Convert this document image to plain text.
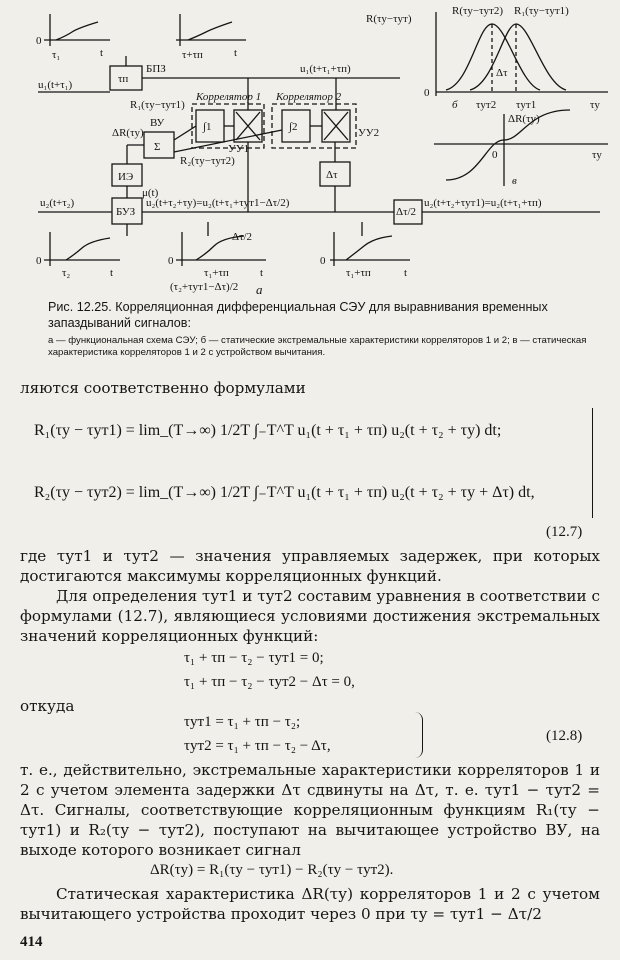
0
τ₁	t	τ+τп	t
τп
БПЗ
u₁(t+τ₁)
u₁(t+τ₁+τп)
Коррелятор 1 Коррелятор 2
R₁(τу−τут1)
ВУ
ΔR(τу)
Σ
∫1	∫2
УУ1
УУ2
R₂(τу−τут2)
ИЭ
μ(t)
БУЗ
u₂(t+τ₂)	u₂(t+τ₂+τу)=u₂(t+τ₁+τут1−Δτ/2)
Δτ
Δτ/2
u₂(t+τ₂+τут1)=u₂(t+τ₁+τп)
0
τ₂	t
0
Δτ/2
τ₁+τп
(τ₂+τут1−Δτ)/2
t
0
τ₁+τп	t
а
R(τу−τут)
R(τу−τут2) R₁(τу−τут1)
0
Δτ
б τут2 τут1	τу
ΔR(τу)
0	τу
в
Рис. 12.25. Корреляционная дифференциальная СЭУ для выравнивания временных запаздываний сигналов:
а — функциональная схема СЭУ; б — статические экстремальные характеристики корреляторов 1 и 2; в — статическая характеристика корреляторов 1 и 2 с устройством вычитания.
ляются соответственно формулами
R₁(τу − τут1) = lim_(T→∞) 1/2T ∫₋T^T u₁(t + τ₁ + τп) u₂(t + τ₂ + τу) dt;
R₂(τу − τут2) = lim_(T→∞) 1/2T ∫₋T^T u₁(t + τ₁ + τп) u₂(t + τ₂ + τу + Δτ) dt,
(12.7)
где τут1 и τут2 — значения управляемых задержек, при которых достигаются максимумы корреляционных функций.
Для определения τут1 и τут2 составим уравнения в соответствии с формулами (12.7), являющиеся условиями достижения экстремальных значений корреляционных функций:
τ₁ + τп − τ₂ − τут1 = 0;
τ₁ + τп − τ₂ − τут2 − Δτ = 0,
откуда
τут1 = τ₁ + τп − τ₂;
τут2 = τ₁ + τп − τ₂ − Δτ,
(12.8)
т. е., действительно, экстремальные характеристики корреляторов 1 и 2 с учетом элемента задержки Δτ сдвинуты на Δτ, т. е. τут1 − τут2 = Δτ. Сигналы, соответствующие корреляционным функциям R₁(τу − τут1) и R₂(τу − τут2), поступают на вычитающее устройство ВУ, на выходе которого возникает сигнал
ΔR(τу) = R₁(τу − τут1) − R₂(τу − τут2).
Статическая характеристика ΔR(τу) корреляторов 1 и 2 с учетом вычитающего устройства проходит через 0 при τу = τут1 − Δτ/2
414
